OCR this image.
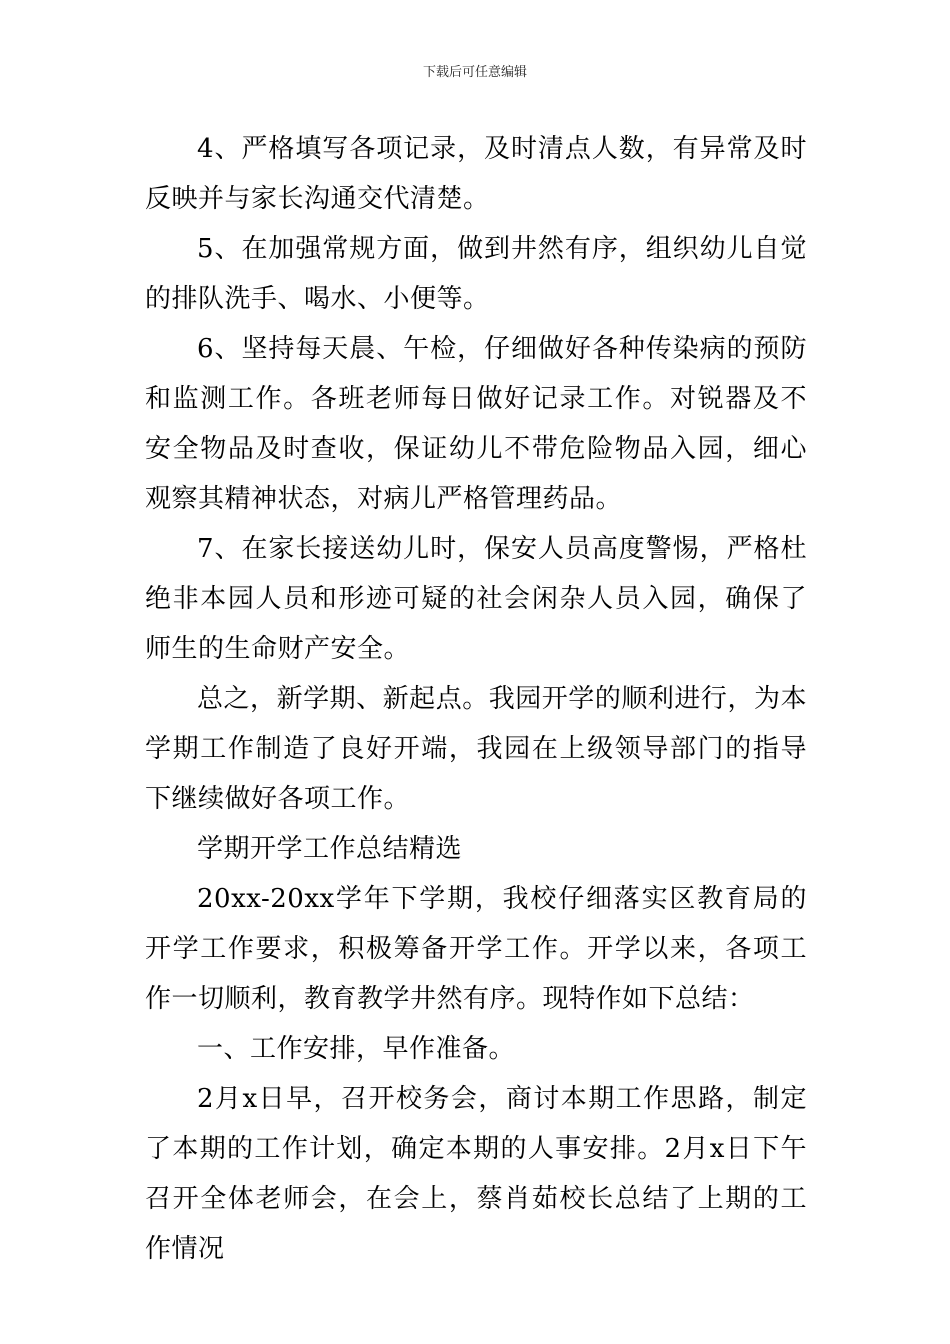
下载后可任意编辑

4、严格填写各项记录，及时清点人数，有异常及时反映并与家长沟通交代清楚。

5、在加强常规方面，做到井然有序，组织幼儿自觉的排队洗手、喝水、小便等。

6、坚持每天晨、午检，仔细做好各种传染病的预防和监测工作。各班老师每日做好记录工作。对锐器及不安全物品及时查收，保证幼儿不带危险物品入园，细心观察其精神状态，对病儿严格管理药品。

7、在家长接送幼儿时，保安人员高度警惕，严格杜绝非本园人员和形迹可疑的社会闲杂人员入园，确保了师生的生命财产安全。

总之，新学期、新起点。我园开学的顺利进行，为本学期工作制造了良好开端，我园在上级领导部门的指导下继续做好各项工作。

学期开学工作总结精选

20xx-20xx学年下学期，我校仔细落实区教育局的开学工作要求，积极筹备开学工作。开学以来，各项工作一切顺利，教育教学井然有序。现特作如下总结：

一、工作安排，早作准备。

2月x日早，召开校务会，商讨本期工作思路，制定了本期的工作计划，确定本期的人事安排。2月x日下午召开全体老师会，在会上，蔡肖茹校长总结了上期的工作情况
